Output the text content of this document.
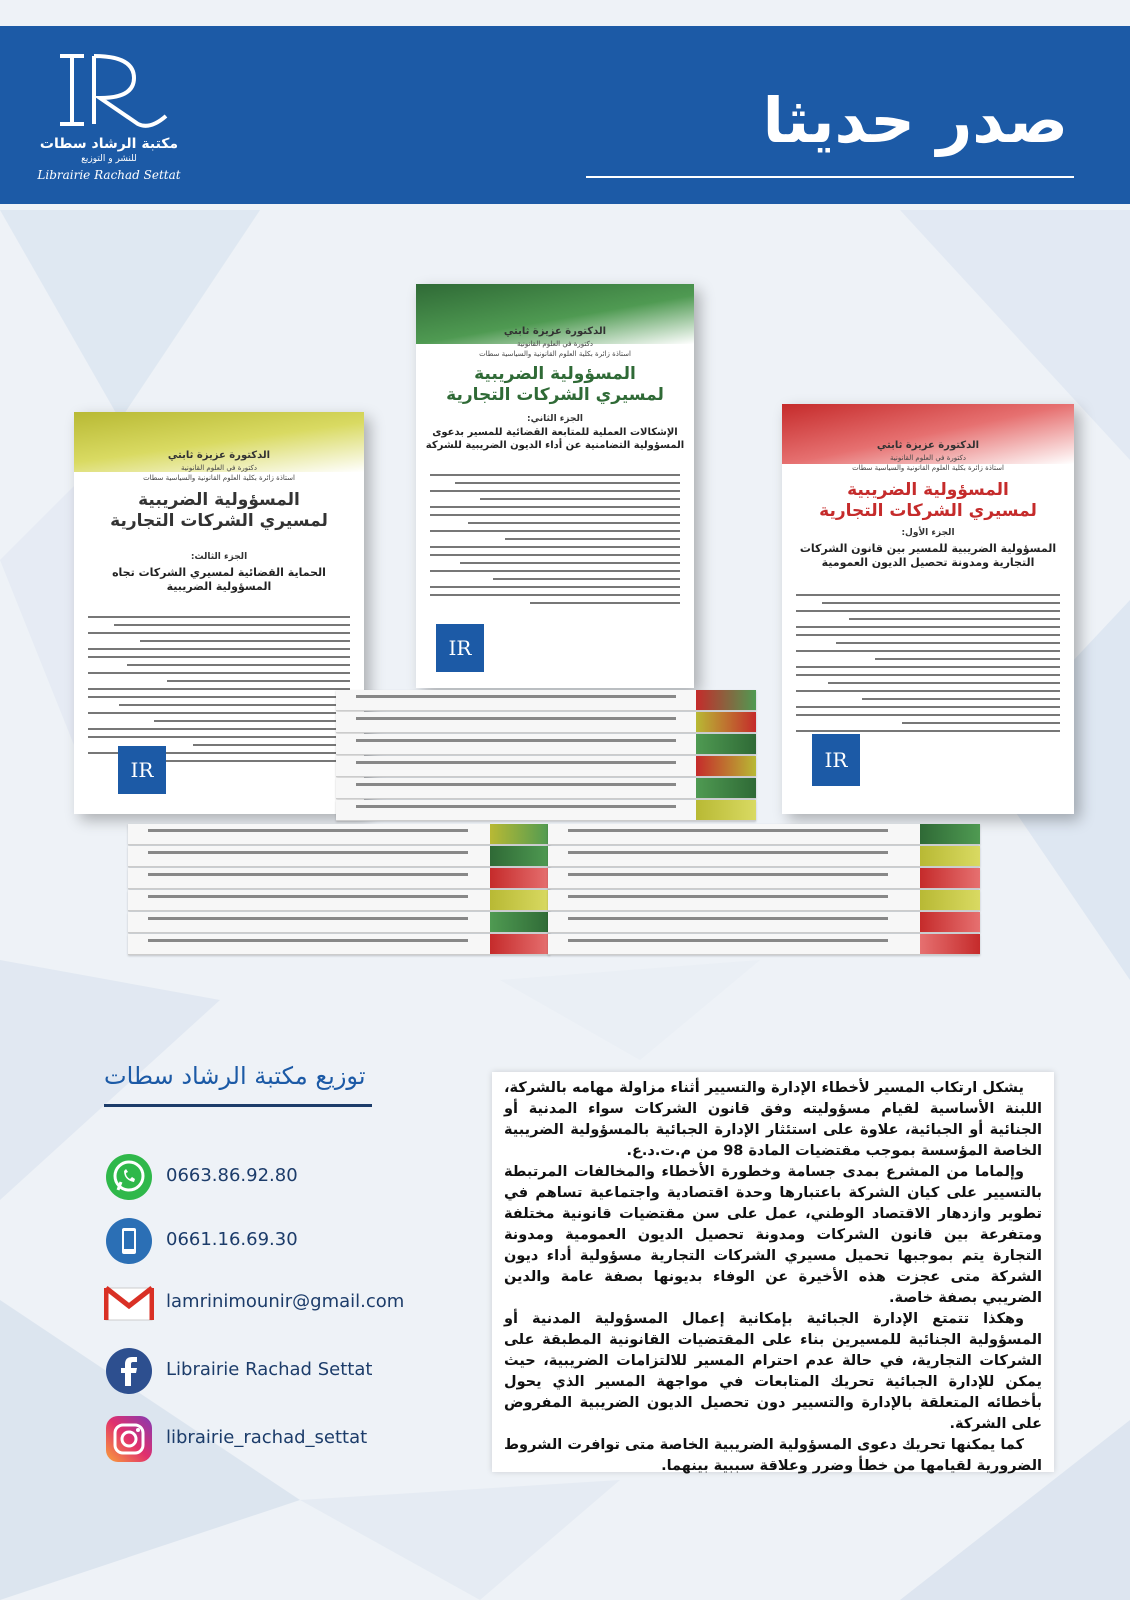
مكتبة الرشاد سطات
للنشر و التوزيع
Librairie Rachad Settat
صدر حديثا
الدكتورة عزيزة ثابتي
دكتورة في العلوم القانونية
استاذة زائرة بكلية العلوم القانونية والسياسية سطات
المسؤولية الضريبية لمسيري الشركات التجارية
الجزء الثاني:
الإشكالات العملية للمتابعة القضائية للمسير بدعوى المسؤولية التضامنية عن أداء الديون الضريبية للشركة
IR
الدكتورة عزيزة ثابتي
دكتورة في العلوم القانونية
استاذة زائرة بكلية العلوم القانونية والسياسية سطات
المسؤولية الضريبية لمسيري الشركات التجارية
الجزء الثالث:
الحماية القضائية لمسيري الشركات تجاه المسؤولية الضريبية
IR
الدكتورة عزيزة ثابتي
دكتورة في العلوم القانونية
استاذة زائرة بكلية العلوم القانونية والسياسية سطات
المسؤولية الضريبية لمسيري الشركات التجارية
الجزء الأول:
المسؤولية الضريبية للمسير بين قانون الشركات التجارية ومدونة تحصيل الديون العمومية
IR
توزيع مكتبة الرشاد سطات
0663.86.92.80
0661.16.69.30
lamrinimounir@gmail.com
Librairie Rachad Settat
librairie_rachad_settat

يشكل ارتكاب المسير لأخطاء الإدارة والتسيير أثناء مزاولة مهامه بالشركة، اللبنة الأساسية لقيام مسؤوليته وفق قانون الشركات سواء المدنية أو الجنائية أو الجبائية، علاوة على استئثار الإدارة الجبائية بالمسؤولية الضريبية الخاصة المؤسسة بموجب مقتضيات المادة 98 من م.ت.د.ع.

وإلماما من المشرع بمدى جسامة وخطورة الأخطاء والمخالفات المرتبطة بالتسيير على كيان الشركة باعتبارها وحدة اقتصادية واجتماعية تساهم في تطوير وازدهار الاقتصاد الوطني، عمل على سن مقتضيات قانونية مختلفة ومتفرعة بين قانون الشركات ومدونة تحصيل الديون العمومية ومدونة التجارة يتم بموجبها تحميل مسيري الشركات التجارية مسؤولية أداء ديون الشركة متى عجزت هذه الأخيرة عن الوفاء بديونها بصفة عامة والدين الضريبي بصفة خاصة.

وهكذا تتمتع الإدارة الجبائية بإمكانية إعمال المسؤولية المدنية أو المسؤولية الجنائية للمسيرين بناء على المقتضيات القانونية المطبقة على الشركات التجارية، في حالة عدم احترام المسير للالتزامات الضريبية، حيث يمكن للإدارة الجبائية تحريك المتابعات في مواجهة المسير الذي يحول بأخطائه المتعلقة بالإدارة والتسيير دون تحصيل الديون الضريبية المفروض على الشركة.

كما يمكنها تحريك دعوى المسؤولية الضريبية الخاصة متى توافرت الشروط الضرورية لقيامها من خطأ وضرر وعلاقة سببية بينهما.
